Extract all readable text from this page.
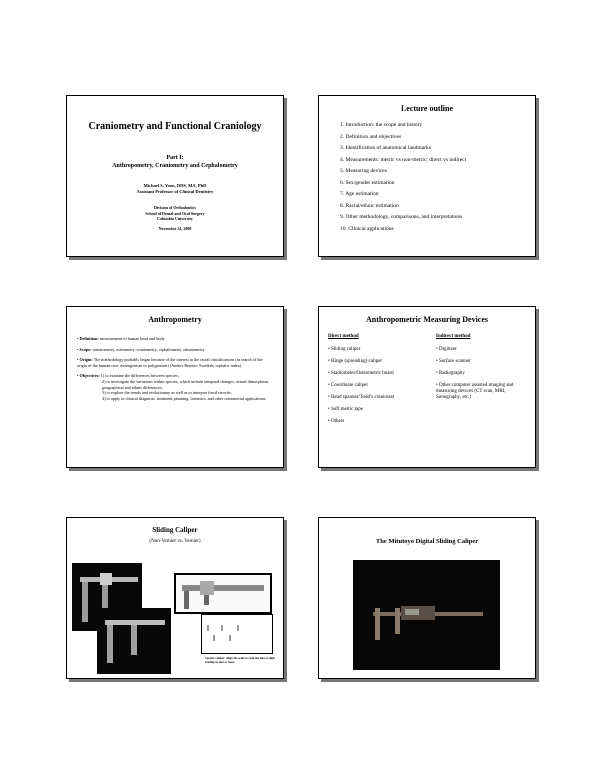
Craniometry and Functional Craniology
Part I:
Anthropometry, Craniometry and Cephalometry
Michael S. Yoon, DDS, MA, PhD
Assistant Professor of Clinical Dentistry
Division of Orthodontics
School of Dental and Oral Surgery
Columbia University
November 24, 2008
Lecture outline
1. Introduction: the scope and history
2. Definition and objectives
3. Identification of anatomical landmarks
4. Measurements: metric vs non-metric; direct vs indirect
5. Measuring devices
6. Sex/gender estimation
7. Age estimation
8. Racial/ethnic estimation
9. Other methodology, comparisons, and interpretations
10. Clinical applications
Anthropometry

• Definition: measurement of human head and body

• Scope: somatometry, osteometry, craniometry, cephalometry, odontometry

• Origin: The methodology probably began because of the interest in the racial classifications (in search of the origin of the human race: monogenism vs polygenism) (Anders Retzius: Swedish; cephalic index)

• Objectives: 1) to examine the differences between species;
2) to investigate the variations within species, which include temporal changes, sexual dimorphism, geographical and ethnic differences;
3) to explore the trends and evolutionary as well as to interpret fossil records;
4) to apply in clinical diagnosis, treatment planning, forensics, and other commercial applications.
Anthropometric Measuring Devices
Direct method
• Sliding caliper
• Hinge (spreading) caliper
• Stadiometer/Osteometric board
• Coordinate caliper
• Head spanner/Todd’s craniostat
• Soft metric tape
• Others
Indirect method
• Digitizer
• Surface scanner
• Radiography
• Other computer assisted imaging and measuring devices (CT scan, MRI, Sonography, etc.)
Sliding Caliper
(Non-Vernier vs. Vernier)
Vernier caliper: Align the scale to read the mm or digit reading to mm or more
The Mitutoyo Digital Sliding Caliper
